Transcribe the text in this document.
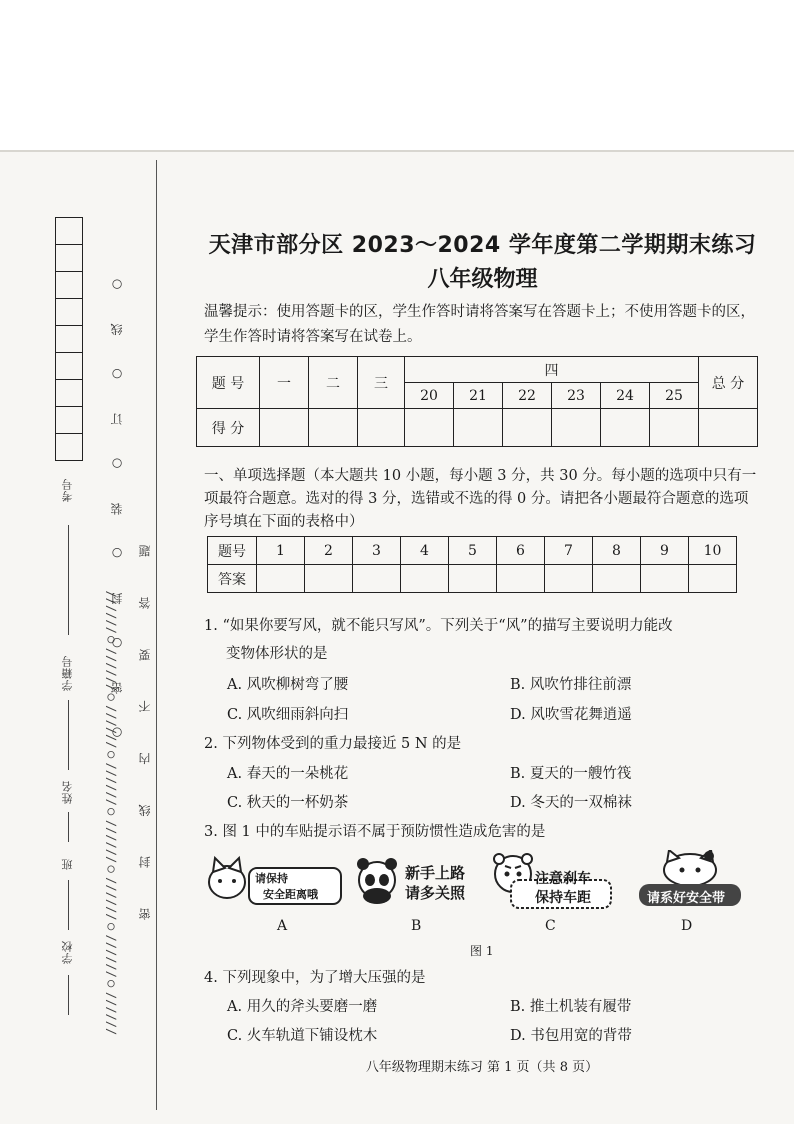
考号
学籍号
姓名
班
学校	//////○//////○//////○//////○//////○//////○//////○//////
○ 密 ○ 封 ○ 装 ○ 订 ○ 线 ○ 密 封 线 内 不 要 答 题
天津市部分区 2023～2024 学年度第二学期期末练习
八年级物理
温馨提示：使用答题卡的区，学生作答时请将答案写在答题卡上；不使用答题卡的区，学生作答时请将答案写在试卷上。
题 号	一	二	三	四						总 分
				20	21	22	23	24	25	
得 分										
一、单项选择题（本大题共 10 小题，每小题 3 分，共 30 分。每小题的选项中只有一项最符合题意。选对的得 3 分，选错或不选的得 0 分。请把各小题最符合题意的选项序号填在下面的表格中）
题号	1	2	3	4	5	6	7	8	9	10
答案										
1. “如果你要写风，就不能只写风”。下列关于“风”的描写主要说明力能改
变物体形状的是
A. 风吹柳树弯了腰	B. 风吹竹排往前漂
C. 风吹细雨斜向扫	D. 风吹雪花舞逍遥
2. 下列物体受到的重力最接近 5 N 的是
A. 春天的一朵桃花	B. 夏天的一艘竹筏
C. 秋天的一杯奶茶	D. 冬天的一双棉袜
3. 图 1 中的车贴提示语不属于预防惯性造成危害的是
请保持
安全距离哦
新手上路
请多关照
注意刹车
保持车距	请系好安全带
A	B	C	D
图 1
4. 下列现象中，为了增大压强的是
A. 用久的斧头要磨一磨	B. 推土机装有履带
C. 火车轨道下铺设枕木	D. 书包用宽的背带
八年级物理期末练习 第 1 页（共 8 页）
